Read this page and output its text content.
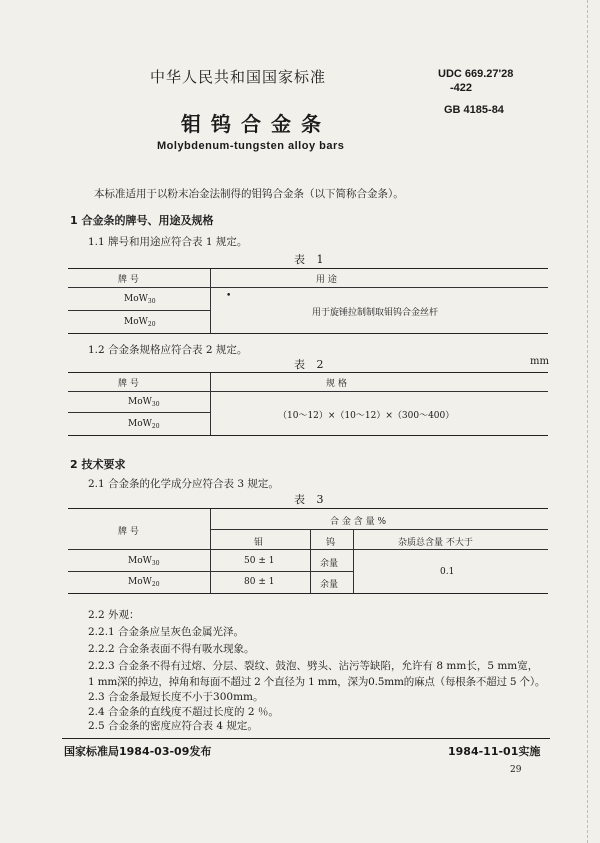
中华人民共和国国家标准	UDC 669.27'28
-422
GB 4185-84
钼钨合金条
Molybdenum-tungsten alloy bars
本标准适用于以粉末冶金法制得的钼钨合金条（以下简称合金条）。
1 合金条的牌号、用途及规格
1.1 牌号和用途应符合表 1 规定。
表 1
牌 号	用 途
MoW$_{30}$
MoW$_{20}$
•
用于旋锤拉制制取钼钨合金丝杆
1.2 合金条规格应符合表 2 规定。
表 2	mm
牌 号	规 格
MoW$_{30}$
MoW$_{20}$
（10～12）×（10～12）×（300～400）
2 技术要求
2.1 合金条的化学成分应符合表 3 规定。
表 3
牌 号
合 金 含 量 %
钼	钨	杂质总含量 不大于
MoW$_{30}$	50 ± 1	余量
MoW$_{20}$	80 ± 1	余量
0.1
2.2 外观：
2.2.1 合金条应呈灰色金属光泽。
2.2.2 合金条表面不得有吸水现象。
2.2.3 合金条不得有过熔、分层、裂纹、鼓泡、劈头、沾污等缺陷，允许有 8 mm长，5 mm宽，
1 mm深的掉边，掉角和每面不超过 2 个直径为 1 mm，深为0.5mm的麻点（每根条不超过 5 个）。
2.3 合金条最短长度不小于300mm。
2.4 合金条的直线度不超过长度的 2 ％。
2.5 合金条的密度应符合表 4 规定。
国家标准局1984-03-09发布	1984-11-01实施
29
